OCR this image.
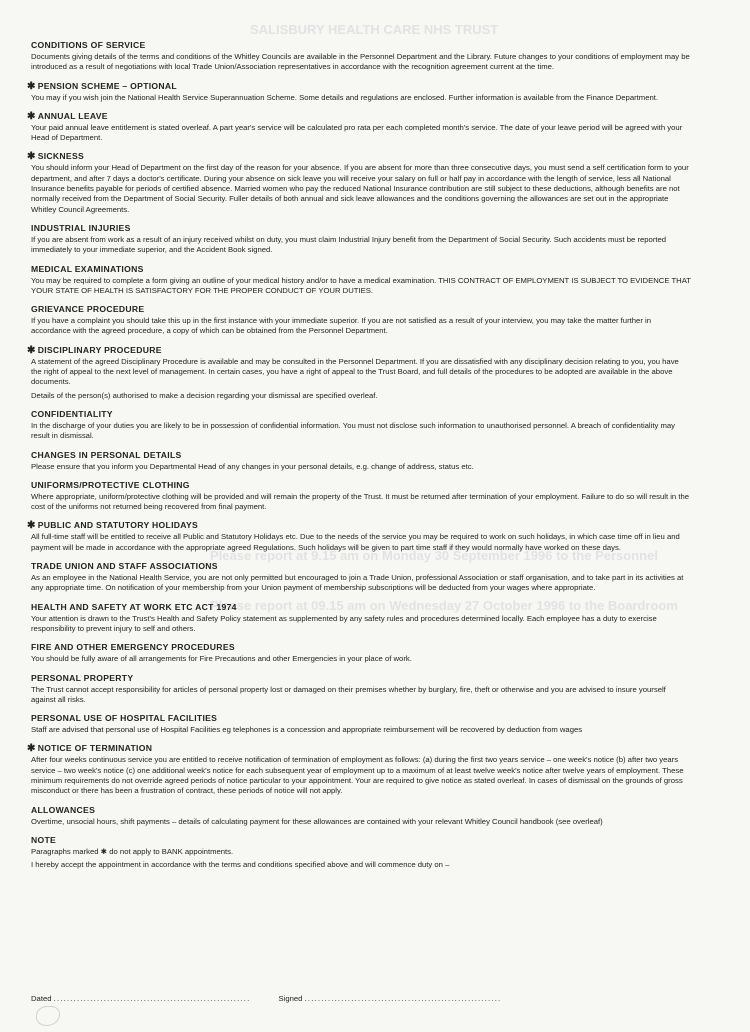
SALISBURY HEALTH CARE NHS TRUST
Please report at 9.15 am on Monday 30 September 1996 to the Personnel
Please report at 09.15 am on Wednesday 27 October 1996 to the Boardroom
CONDITIONS OF SERVICE

Documents giving details of the terms and conditions of the Whitley Councils are available in the Personnel Department and the Library. Future changes to your conditions of employment may be introduced as a result of negotiations with local Trade Union/Association representatives in accordance with the recognition agreement current at the time.

✱ PENSION SCHEME – OPTIONAL

You may if you wish join the National Health Service Superannuation Scheme. Some details and regulations are enclosed. Further information is available from the Finance Department.

✱ ANNUAL LEAVE

Your paid annual leave entitlement is stated overleaf. A part year's service will be calculated pro rata per each completed month's service. The date of your leave period will be agreed with your Head of Department.

✱ SICKNESS

You should inform your Head of Department on the first day of the reason for your absence. If you are absent for more than three consecutive days, you must send a self certification form to your department, and after 7 days a doctor's certificate. During your absence on sick leave you will receive your salary on full or half pay in accordance with the length of service, less all National Insurance benefits payable for periods of certified absence. Married women who pay the reduced National Insurance contribution are still subject to these deductions, although benefits are not normally received from the Department of Social Security. Fuller details of both annual and sick leave allowances and the conditions governing the allowances are set out in the appropriate Whitley Council Agreements.

INDUSTRIAL INJURIES

If you are absent from work as a result of an injury received whilst on duty, you must claim Industrial Injury benefit from the Department of Social Security. Such accidents must be reported immediately to your immediate superior, and the Accident Book signed.

MEDICAL EXAMINATIONS

You may be required to complete a form giving an outline of your medical history and/or to have a medical examination. THIS CONTRACT OF EMPLOYMENT IS SUBJECT TO EVIDENCE THAT YOUR STATE OF HEALTH IS SATISFACTORY FOR THE PROPER CONDUCT OF YOUR DUTIES.

GRIEVANCE PROCEDURE

If you have a complaint you should take this up in the first instance with your immediate superior. If you are not satisfied as a result of your interview, you may take the matter further in accordance with the agreed procedure, a copy of which can be obtained from the Personnel Department.

✱ DISCIPLINARY PROCEDURE

A statement of the agreed Disciplinary Procedure is available and may be consulted in the Personnel Department. If you are dissatisfied with any disciplinary decision relating to you, you have the right of appeal to the next level of management. In certain cases, you have a right of appeal to the Trust Board, and full details of the procedures to be adopted are available in the above documents.

Details of the person(s) authorised to make a decision regarding your dismissal are specified overleaf.

CONFIDENTIALITY

In the discharge of your duties you are likely to be in possession of confidential information. You must not disclose such information to unauthorised personnel. A breach of confidentiality may result in dismissal.

CHANGES IN PERSONAL DETAILS

Please ensure that you inform you Departmental Head of any changes in your personal details, e.g. change of address, status etc.

UNIFORMS/PROTECTIVE CLOTHING

Where appropriate, uniform/protective clothing will be provided and will remain the property of the Trust. It must be returned after termination of your employment. Failure to do so will result in the cost of the uniforms not returned being recovered from final payment.

✱ PUBLIC AND STATUTORY HOLIDAYS

All full-time staff will be entitled to receive all Public and Statutory Holidays etc. Due to the needs of the service you may be required to work on such holidays, in which case time off in lieu and payment will be made in accordance with the appropriate agreed Regulations. Such holidays will be given to part time staff if they would normally have worked on these days.

TRADE UNION AND STAFF ASSOCIATIONS

As an employee in the National Health Service, you are not only permitted but encouraged to join a Trade Union, professional Association or staff organisation, and to take part in its activities at any appropriate time. On notification of your membership from your Union payment of membership subscriptions will be deducted from your wages where appropriate.

HEALTH AND SAFETY AT WORK ETC ACT 1974

Your attention is drawn to the Trust's Health and Safety Policy statement as supplemented by any safety rules and procedures determined locally. Each employee has a duty to exercise responsibility to prevent injury to self and others.

FIRE AND OTHER EMERGENCY PROCEDURES

You should be fully aware of all arrangements for Fire Precautions and other Emergencies in your place of work.

PERSONAL PROPERTY

The Trust cannot accept responsibility for articles of personal property lost or damaged on their premises whether by burglary, fire, theft or otherwise and you are advised to insure yourself against all risks.

PERSONAL USE OF HOSPITAL FACILITIES

Staff are advised that personal use of Hospital Facilities eg telephones is a concession and appropriate reimbursement will be recovered by deduction from wages

✱ NOTICE OF TERMINATION

After four weeks continuous service you are entitled to receive notification of termination of employment as follows: (a) during the first two years service – one week's notice (b) after two years service – two week's notice (c) one additional week's notice for each subsequent year of employment up to a maximum of at least twelve week's notice after twelve years of employment. These minimum requirements do not override agreed periods of notice particular to your appointment. Your are required to give notice as stated overleaf. In cases of dismissal on the grounds of gross misconduct or there has been a frustration of contract, these periods of notice will not apply.

ALLOWANCES

Overtime, unsocial hours, shift payments – details of calculating payment for these allowances are contained with your relevant Whitley Council handbook (see overleaf)

NOTE

Paragraphs marked ✱ do not apply to BANK appointments.

I hereby accept the appointment in accordance with the terms and conditions specified above and will commence duty on –

Dated ...........................................................	Signed ...........................................................
